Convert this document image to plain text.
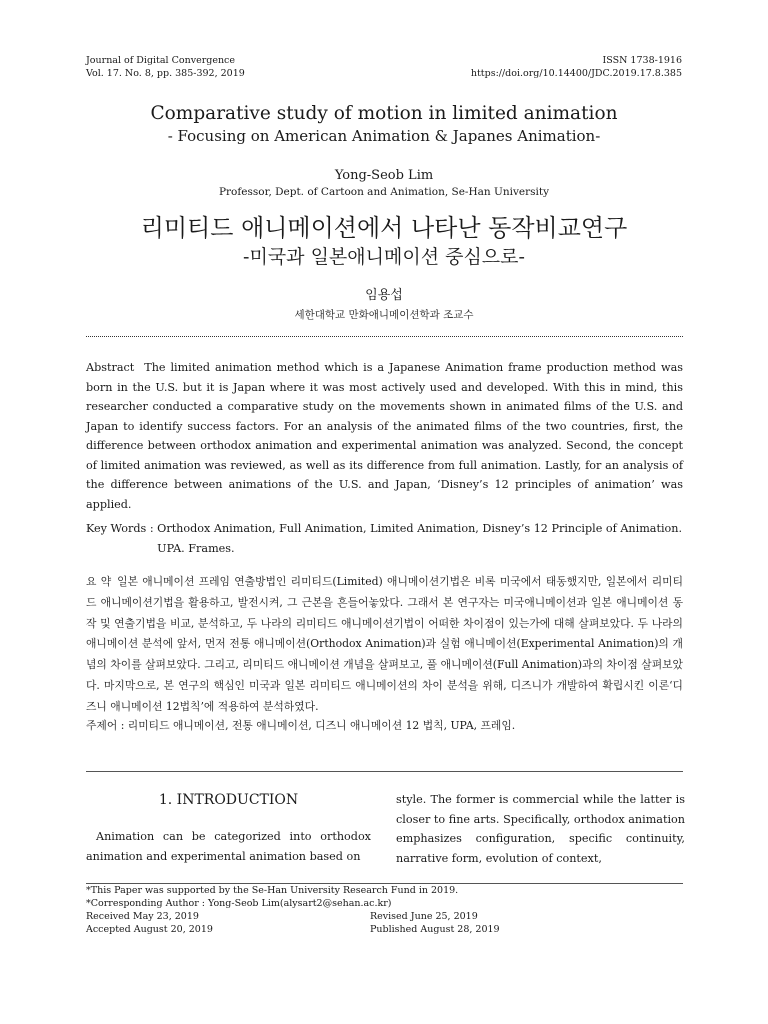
Journal of Digital Convergence
Vol. 17. No. 8, pp. 385-392, 2019
ISSN 1738-1916
https://doi.org/10.14400/JDC.2019.17.8.385
Comparative study of motion in limited animation
- Focusing on American Animation & Japanes Animation-
Yong-Seob Lim
Professor, Dept. of Cartoon and Animation, Se-Han University
리미티드 애니메이션에서 나타난 동작비교연구
-미국과 일본애니메이션 중심으로-
임용섭
세한대학교 만화애니메이션학과 조교수
Abstract The limited animation method which is a Japanese Animation frame production method was born in the U.S. but it is Japan where it was most actively used and developed. With this in mind, this researcher conducted a comparative study on the movements shown in animated films of the U.S. and Japan to identify success factors. For an analysis of the animated films of the two countries, first, the difference between orthodox animation and experimental animation was analyzed. Second, the concept of limited animation was reviewed, as well as its difference from full animation. Lastly, for an analysis of the difference between animations of the U.S. and Japan, ‘Disney’s 12 principles of animation’ was applied.
Key Words : Orthodox Animation, Full Animation, Limited Animation, Disney’s 12 Principle of Animation. UPA. Frames.
요 약 일본 애니메이션 프레임 연출방법인 리미티드(Limited) 애니메이션기법은 비록 미국에서 태동했지만, 일본에서 리미티드 애니메이션기법을 활용하고, 발전시켜, 그 근본을 흔들어놓았다. 그래서 본 연구자는 미국애니메이션과 일본 애니메이션 동작 및 연출기법을 비교, 분석하고, 두 나라의 리미티드 애니메이션기법이 어떠한 차이점이 있는가에 대해 살펴보았다. 두 나라의 애니메이션 분석에 앞서, 먼저 전통 애니메이션(Orthodox Animation)과 실험 애니메이션(Experimental Animation)의 개념의 차이를 살펴보았다. 그리고, 리미티드 애니메이션 개념을 살펴보고, 풀 애니메이션(Full Animation)과의 차이점 살펴보았다. 마지막으로, 본 연구의 핵심인 미국과 일본 리미티드 애니메이션의 차이 분석을 위해, 디즈니가 개발하여 확립시킨 이론‘디즈니 애니메이션 12법칙’에 적용하여 분석하였다.
주제어 : 리미티드 애니메이션, 전통 애니메이션, 디즈니 애니메이션 12 법칙, UPA, 프레임.
1. INTRODUCTION
Animation can be categorized into orthodox animation and experimental animation based on
style. The former is commercial while the latter is closer to fine arts. Specifically, orthodox animation emphasizes configuration, specific continuity, narrative form, evolution of context,
*This Paper was supported by the Se-Han University Research Fund in 2019.
*Corresponding Author : Yong-Seob Lim(alysart2@sehan.ac.kr)
Received May 23, 2019	Revised June 25, 2019
Accepted August 20, 2019	Published August 28, 2019
